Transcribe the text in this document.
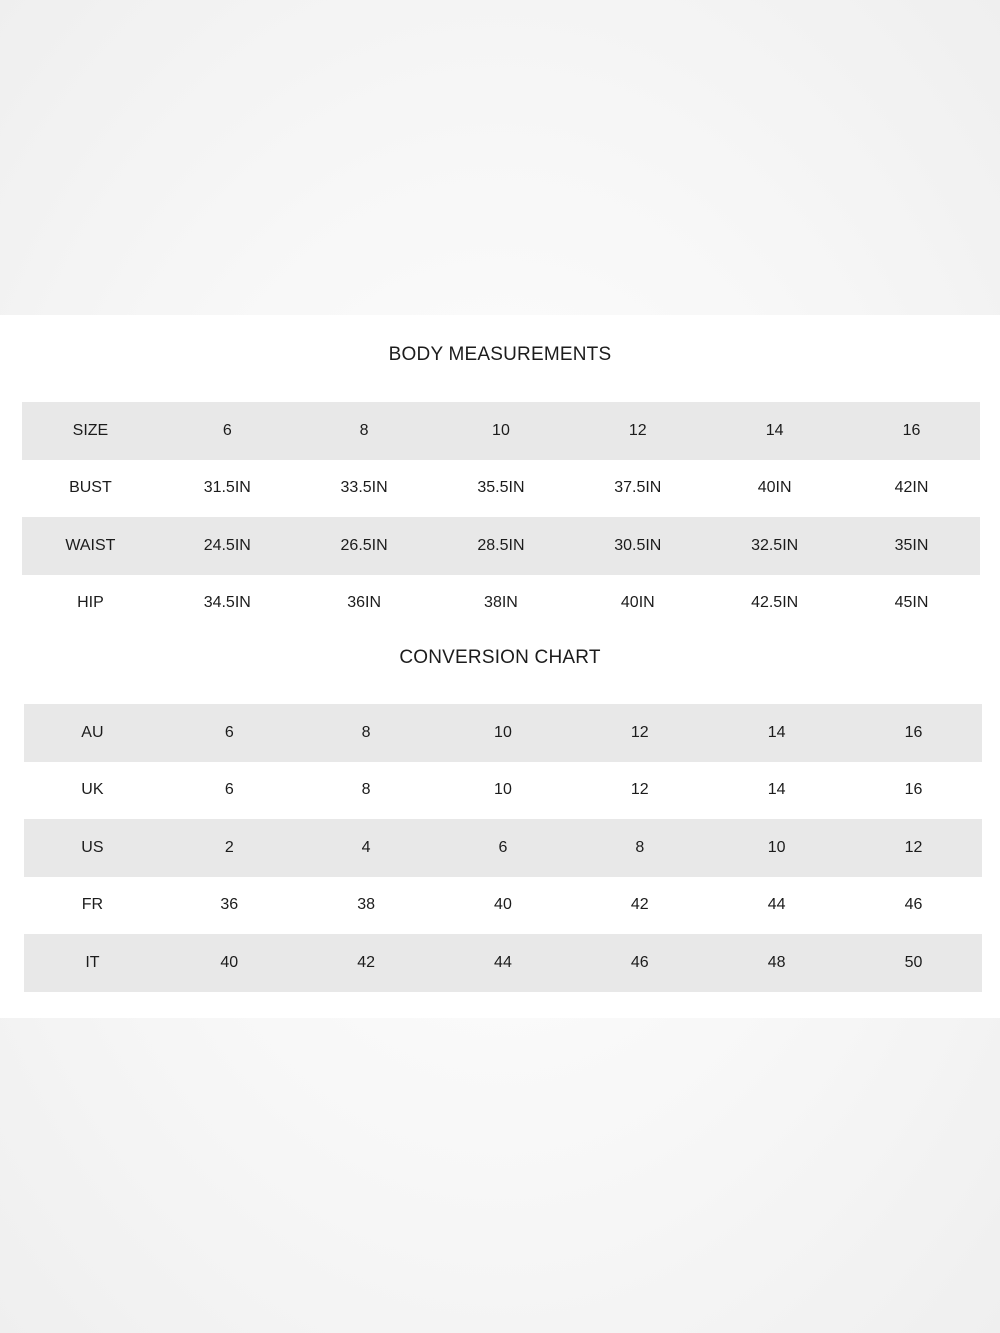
BODY MEASUREMENTS
SIZE	6	8	10	12	14	16
BUST	31.5IN	33.5IN	35.5IN	37.5IN	40IN	42IN
WAIST	24.5IN	26.5IN	28.5IN	30.5IN	32.5IN	35IN
HIP	34.5IN	36IN	38IN	40IN	42.5IN	45IN
CONVERSION CHART
AU	6	8	10	12	14	16
UK	6	8	10	12	14	16
US	2	4	6	8	10	12
FR	36	38	40	42	44	46
IT	40	42	44	46	48	50
